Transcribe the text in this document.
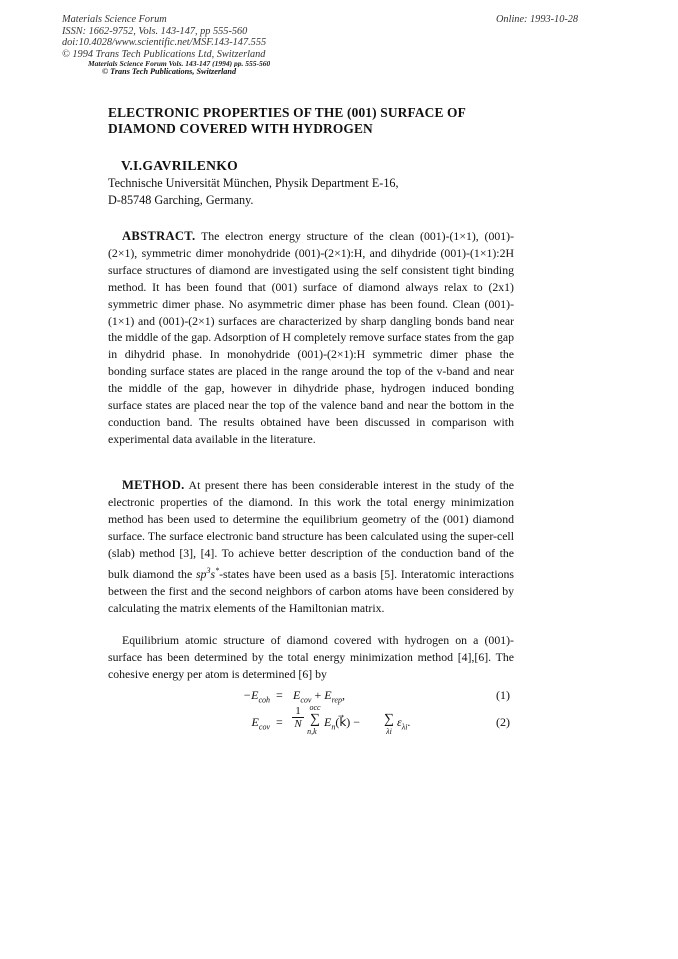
Materials Science Forum
ISSN: 1662-9752, Vols. 143-147, pp 555-560
doi:10.4028/www.scientific.net/MSF.143-147.555
© 1994 Trans Tech Publications Ltd, Switzerland
Materials Science Forum Vols. 143-147 (1994) pp. 555-560
© Trans Tech Publications, Switzerland
Online: 1993-10-28
ELECTRONIC PROPERTIES OF THE (001) SURFACE OF
DIAMOND COVERED WITH HYDROGEN
V.I.GAVRILENKO
Technische Universität München, Physik Department E-16,
D-85748 Garching, Germany.
ABSTRACT. The electron energy structure of the clean (001)-(1×1), (001)-(2×1), symmetric dimer monohydride (001)-(2×1):H, and dihydride (001)-(1×1):2H surface structures of diamond are investigated using the self consistent tight binding method. It has been found that (001) surface of diamond always relax to (2x1) symmetric dimer phase. No asymmetric dimer phase has been found. Clean (001)-(1×1) and (001)-(2×1) surfaces are characterized by sharp dangling bonds band near the middle of the gap. Adsorption of H completely remove surface states from the gap in dihydrid phase. In monohydride (001)-(2×1):H symmetric dimer phase the bonding surface states are placed in the range around the top of the v-band and near the middle of the gap, however in dihydride phase, hydrogen induced bonding surface states are placed near the top of the valence band and near the bottom in the conduction band. The results obtained have been discussed in comparison with experimental data available in the literature.
METHOD. At present there has been considerable interest in the study of the electronic properties of the diamond. In this work the total energy minimization method has been used to determine the equilibrium geometry of the (001) diamond surface. The surface electronic band structure has been calculated using the super-cell (slab) method [3], [4]. To achieve better description of the conduction band of the bulk diamond the $sp^3s^*$-states have been used as a basis [5]. Interatomic interactions between the first and the second neighbors of carbon atoms have been considered by calculating the matrix elements of the Hamiltonian matrix.
Equilibrium atomic structure of diamond covered with hydrogen on a (001)-surface has been determined by the total energy minimization method [4],[6]. The cohesive energy per atom is determined [6] by
$-E_{coh} = E_{cov} + E_{rep}$,	(1)
$E_{cov}$ =
1
N
occ
∑
n,k⃗
$E_n(k⃗)$ − ∑
λi
$\varepsilon_{\lambda i}$.	(2)
